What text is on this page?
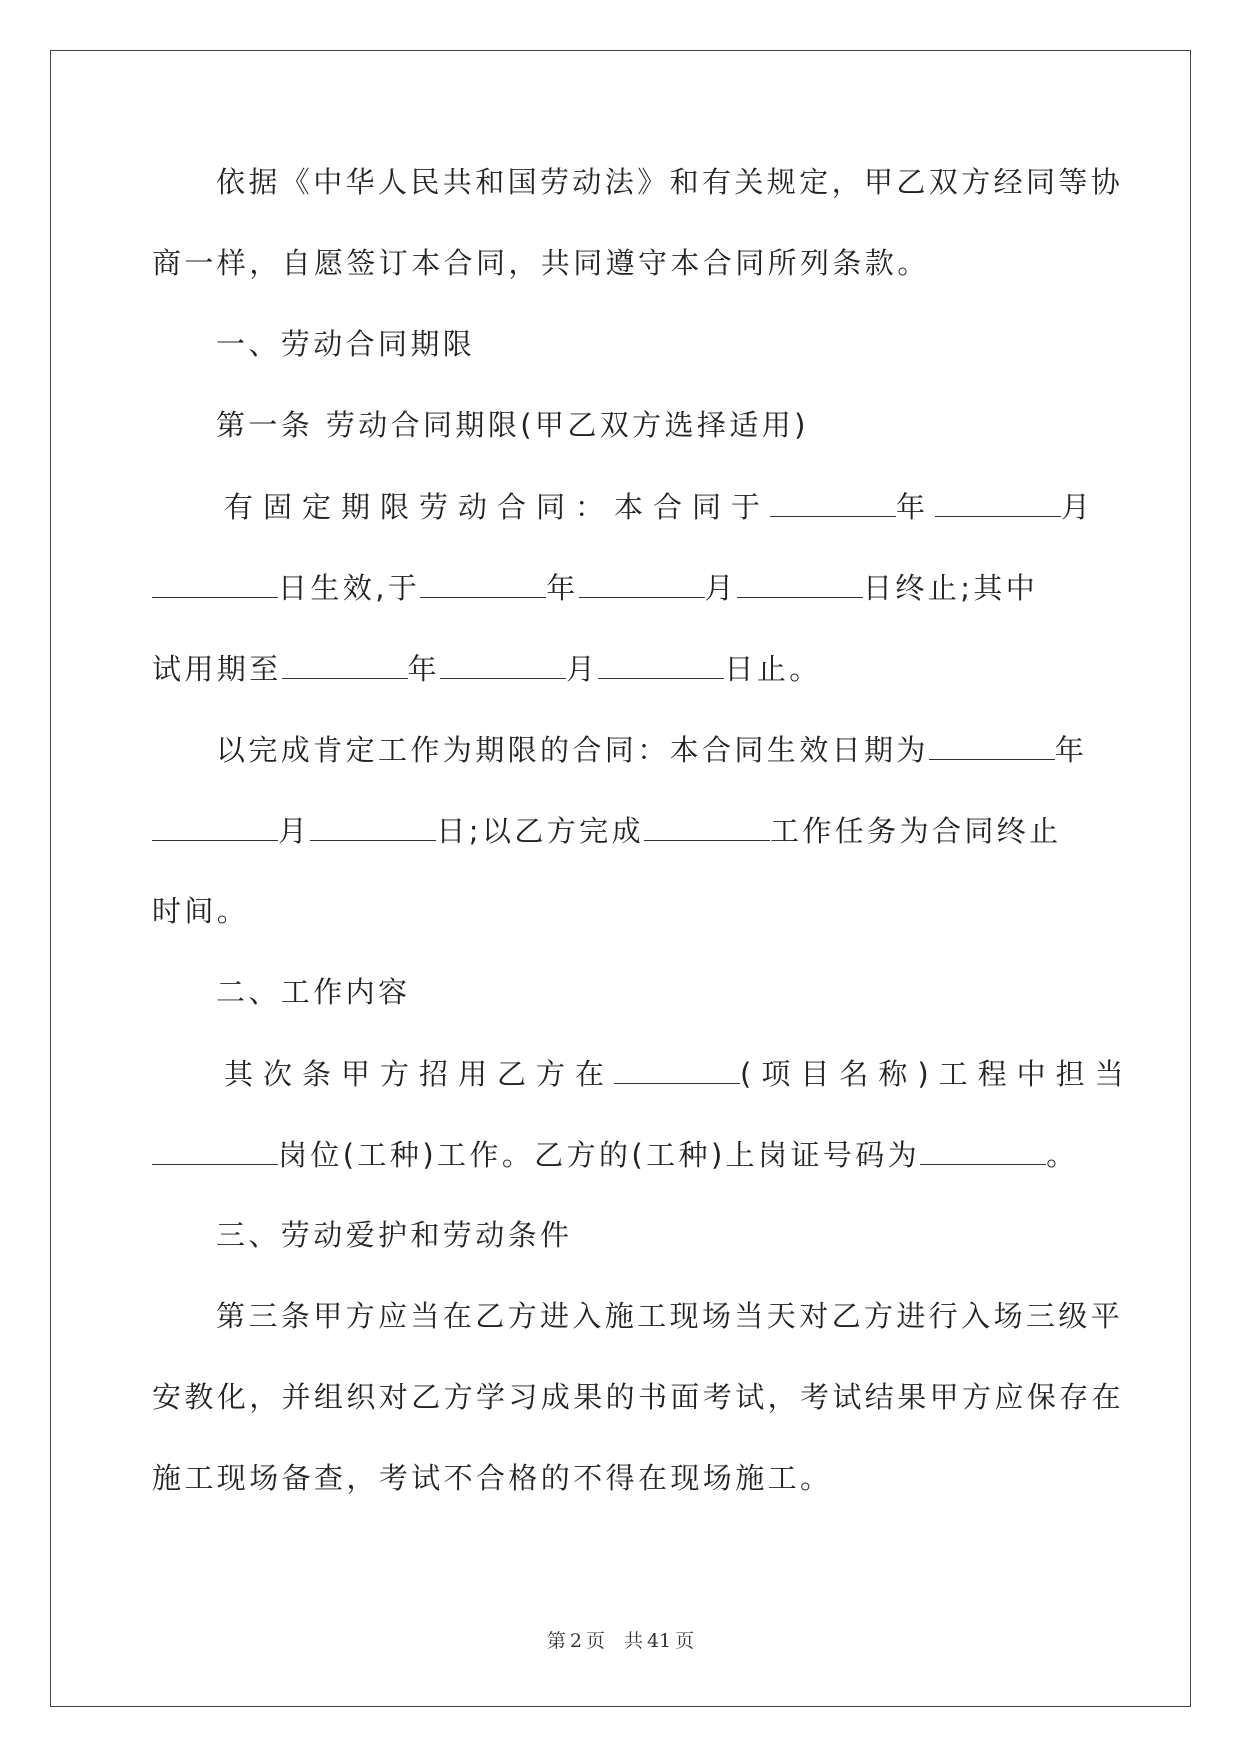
依据《中华人民共和国劳动法》和有关规定，甲乙双方经同等协
商一样，自愿签订本合同，共同遵守本合同所列条款。
一、劳动合同期限
第一条 劳动合同期限(甲乙双方选择适用)
有固定期限劳动合同：本合同于	年	月
日生效,于	年	月	日终止;其中
试用期至	年	月	日止。
以完成肯定工作为期限的合同：本合同生效日期为	年
月	日;以乙方完成	工作任务为合同终止
时间。
二、工作内容
其次条甲方招用乙方在	(项目名称)工程中担当
岗位(工种)工作。乙方的(工种)上岗证号码为	。
三、劳动爱护和劳动条件
第三条甲方应当在乙方进入施工现场当天对乙方进行入场三级平
安教化，并组织对乙方学习成果的书面考试，考试结果甲方应保存在
施工现场备查，考试不合格的不得在现场施工。
第 2 页　共 41 页
